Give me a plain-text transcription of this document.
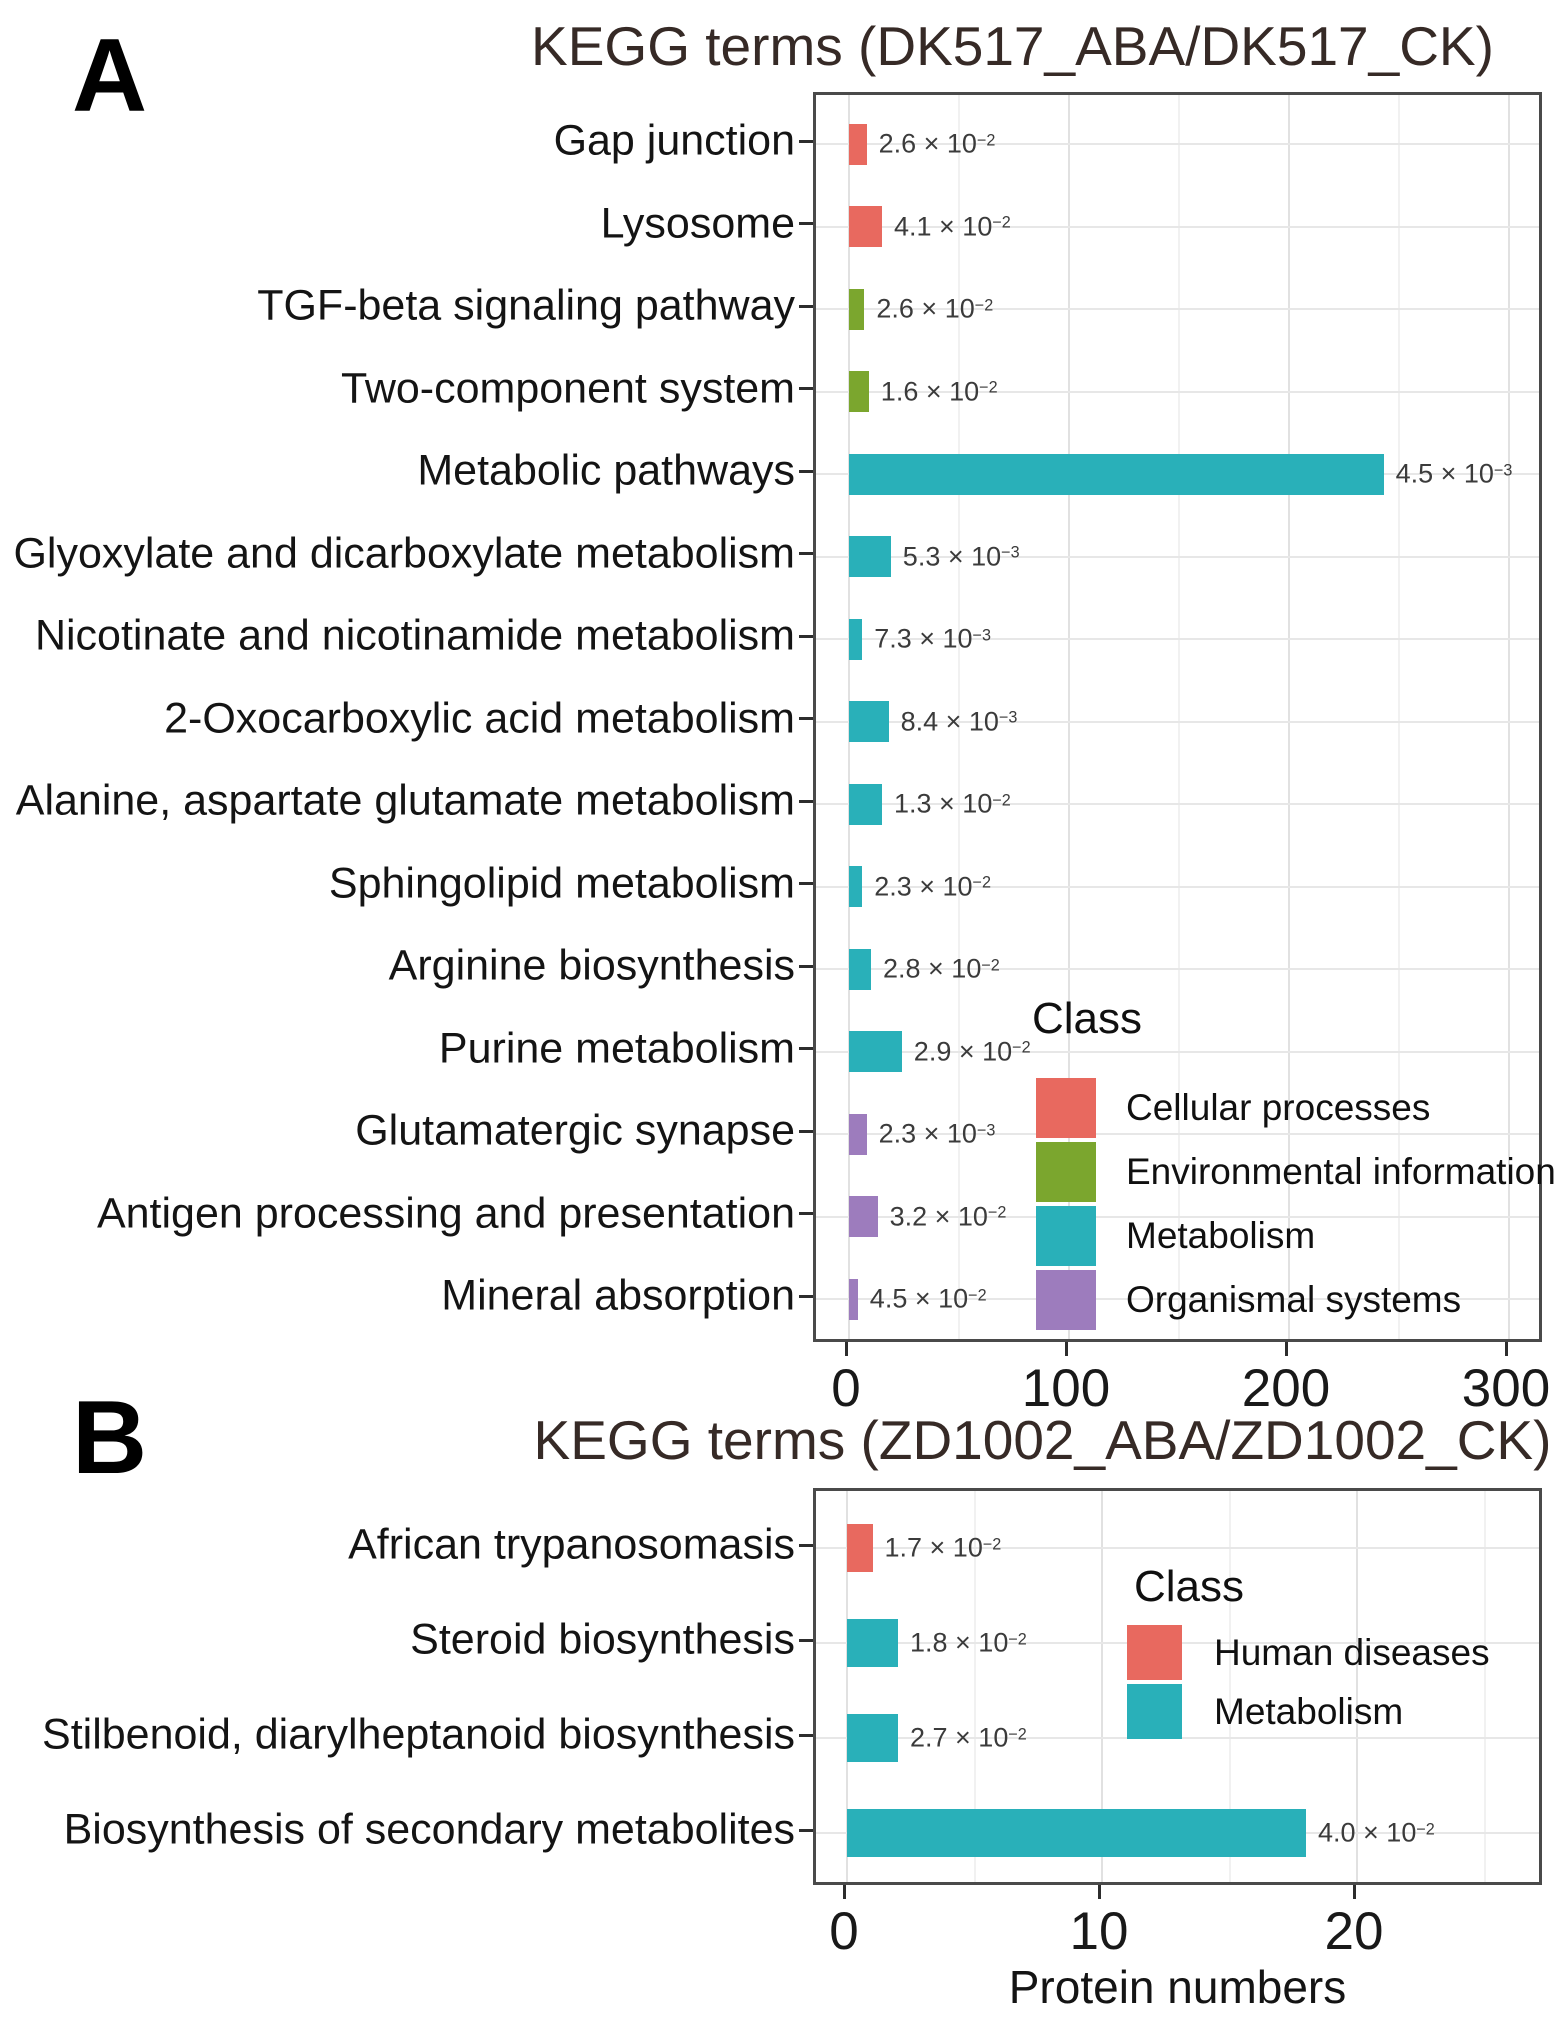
A	KEGG terms (DK517_ABA/DK517_CK)
$2.6 \times 10^{-2}$
$4.1 \times 10^{-2}$
$2.6 \times 10^{-2}$
$1.6 \times 10^{-2}$
$4.5 \times 10^{-3}$
$5.3 \times 10^{-3}$
$7.3 \times 10^{-3}$
$8.4 \times 10^{-3}$
$1.3 \times 10^{-2}$
$2.3 \times 10^{-2}$
$2.8 \times 10^{-2}$
$2.9 \times 10^{-2}$
$2.3 \times 10^{-3}$
$3.2 \times 10^{-2}$
$4.5 \times 10^{-2}$
B	KEGG terms (ZD1002_ABA/ZD1002_CK)
$1.7 \times 10^{-2}$
$1.8 \times 10^{-2}$
$2.7 \times 10^{-2}$
$4.0 \times 10^{-2}$
Protein numbers
Gap junction
Lysosome
TGF-beta signaling pathway
Two-component system
Metabolic pathways
Glyoxylate and dicarboxylate metabolism
Nicotinate and nicotinamide metabolism
2-Oxocarboxylic acid metabolism
Alanine, aspartate glutamate metabolism
Sphingolipid metabolism
Arginine biosynthesis
Purine metabolism
Glutamatergic synapse
Antigen processing and presentation
Mineral absorption
0	100 200 300
Class
Cellular processes
Environmental information
Metabolism
Organismal systems
African trypanosomasis
Steroid biosynthesis
Stilbenoid, diarylheptanoid biosynthesis
Biosynthesis of secondary metabolites
0	10	20
Class
Human diseases
Metabolism
